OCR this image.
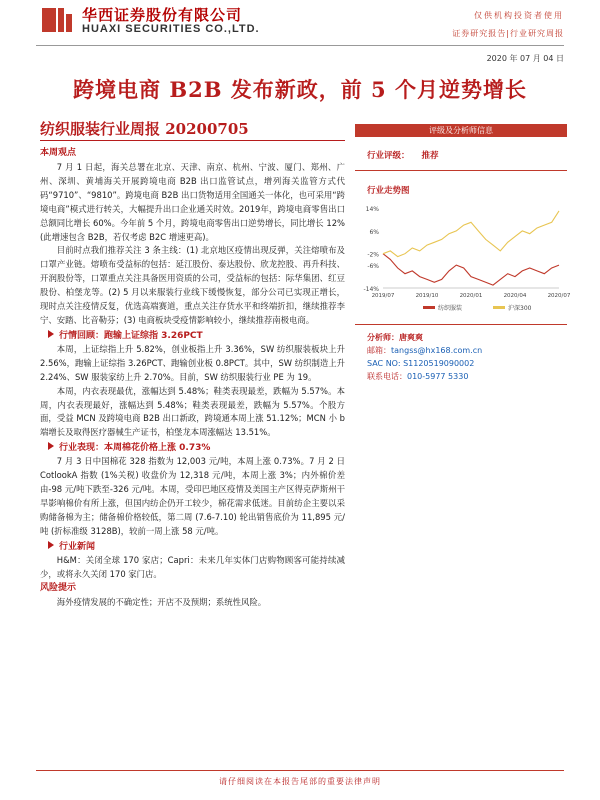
华西证券股份有限公司
HUAXI SECURITIES CO.,LTD.
仅供机构投资者使用
证券研究报告|行业研究周报
2020 年 07 月 04 日
跨境电商 B2B 发布新政，前 5 个月逆势增长
纺织服装行业周报 20200705
本周观点

7 月 1 日起，海关总署在北京、天津、南京、杭州、宁波、厦门、郑州、广州、深圳、黄埔海关开展跨境电商 B2B 出口监管试点，增列海关监管方式代码“9710”、“9810”。跨境电商 B2B 出口货物适用全国通关一体化，也可采用“跨境电商”模式进行转关，大幅提升出口企业通关时效。2019年，跨境电商零售出口总额同比增长 60%。今年前 5 个月，跨境电商零售出口逆势增长，同比增长 12%(此增速包含 B2B，若仅考虑 B2C 增速更高)。

目前时点我们推荐关注 3 条主线：(1) 北京地区疫情出现反弹，关注熔喷布及口罩产业链。熔喷布受益标的包括：延江股份、泰达股份、欣龙控股、再升科技、开润股份等，口罩重点关注具备医用资质的公司，受益标的包括：际华集团、红豆股份、柏堡龙等。(2) 5 月以来服装行业线下缓慢恢复，部分公司已实现正增长，现时点关注疫情反复，优选高端赛道，重点关注存货水平和终端折扣，继续推荐李宁、安踏、比音勒芬；(3) 电商板块受疫情影响较小，继续推荐南极电商。

行情回顾：跑输上证综指 3.26PCT

本周，上证综指上升 5.82%，创业板指上升 3.36%，SW 纺织服装板块上升 2.56%，跑输上证综指 3.26PCT、跑输创业板 0.8PCT。其中，SW 纺织制造上升 2.24%、SW 服装家纺上升 2.70%。目前，SW 纺织服装行业 PE 为 19。

本周，内衣表现最优，涨幅达到 5.48%；鞋类表现最差，跌幅为 5.57%。本周，内衣表现最好，涨幅达到 5.48%；鞋类表现最差，跌幅为 5.57%。个股方面，受益 MCN 及跨境电商 B2B 出口新政，跨境通本周上涨 51.12%；MCN 小 b 端增长及取得医疗器械生产证书，柏堡龙本周涨幅达 13.51%。

行业表现：本周棉花价格上涨 0.73%

7 月 3 日中国棉花 328 指数为 12,003 元/吨，本周上涨 0.73%。7 月 2 日 CotlookA 指数 (1%关税) 收盘价为 12,318 元/吨，本周上涨 3%；内外棉价差由-98 元/吨下跌至-326 元/吨。本周，受印巴地区疫情及美国主产区得克萨斯州干旱影响棉价有所上涨，但国内纺企仍开工较少，棉花需求低迷。目前纺企主要以采购储备棉为主；储备棉价格较低，第二周 (7.6-7.10) 轮出销售底价为 11,895 元/吨 (折标准级 3128B)，较前一周上涨 58 元/吨。

行业新闻

H&M：关闭全球 170 家店；Capri：未来几年实体门店购物顾客可能持续减少，或将永久关闭 170 家门店。

风险提示

海外疫情发展的不确定性；开店不及预期；系统性风险。

评级及分析师信息
行业评级： 推荐
行业走势图
14%
6%
-2%
-6%
-14%
2019/07	2019/10	2020/01	2020/04	2020/07
纺织服装	沪深300
分析师：唐爽爽
邮箱：tangss@hx168.com.cn
SAC NO: S1120519090002
联系电话：010-5977 5330
请仔细阅读在本报告尾部的重要法律声明
